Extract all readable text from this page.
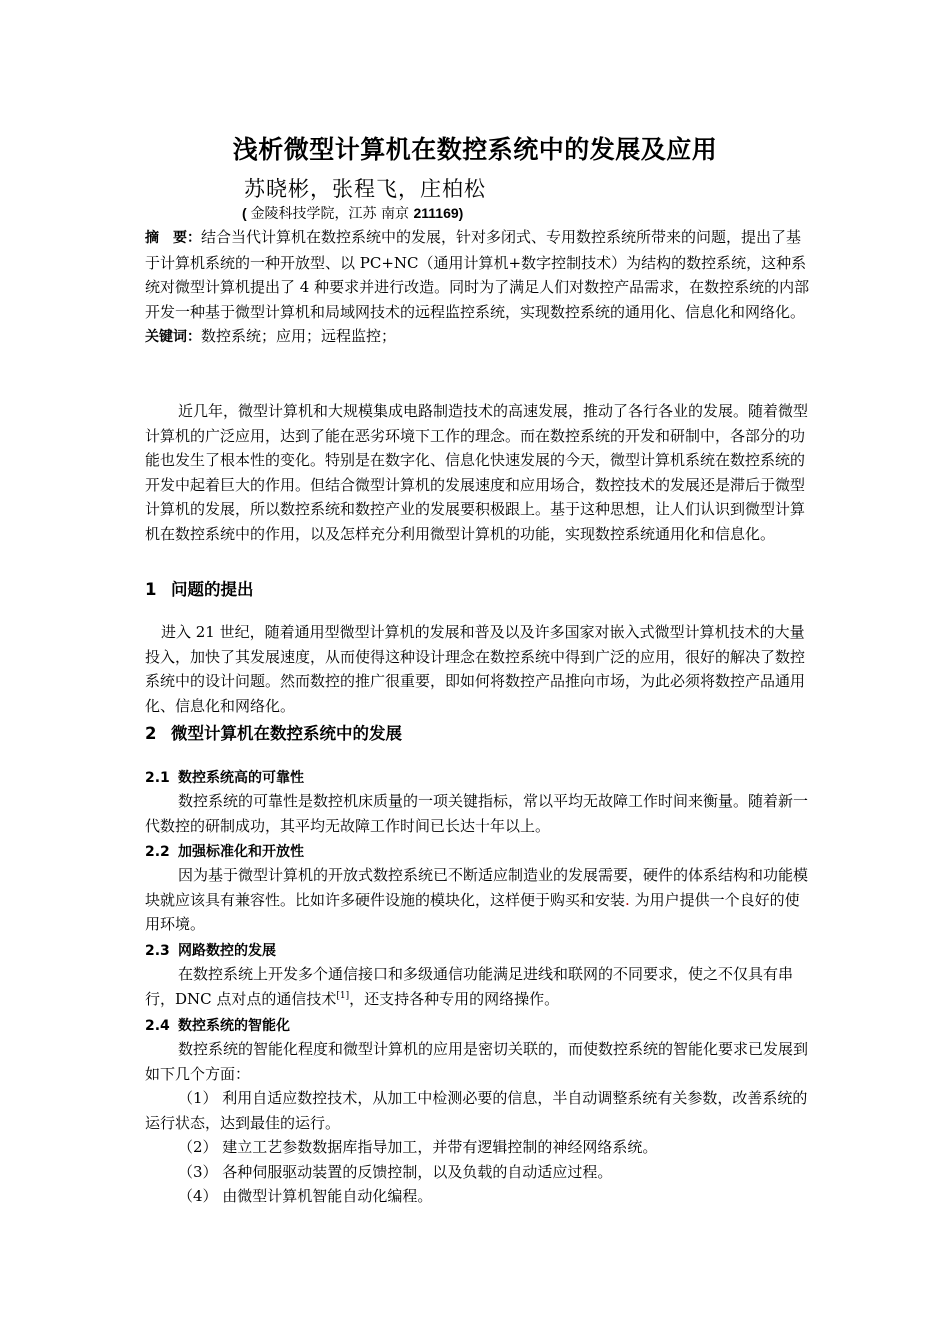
浅析微型计算机在数控系统中的发展及应用
苏晓彬，张程飞，庄柏松
( 金陵科技学院，江苏 南京 211169)

摘　要：结合当代计算机在数控系统中的发展，针对多闭式、专用数控系统所带来的问题，提出了基于计算机系统的一种开放型、以 PC+NC（通用计算机+数字控制技术）为结构的数控系统，这种系统对微型计算机提出了 4 种要求并进行改造。同时为了满足人们对数控产品需求，在数控系统的内部开发一种基于微型计算机和局域网技术的远程监控系统，实现数控系统的通用化、信息化和网络化。

关键词：数控系统；应用；远程监控；

近几年，微型计算机和大规模集成电路制造技术的高速发展，推动了各行各业的发展。随着微型计算机的广泛应用，达到了能在恶劣环境下工作的理念。而在数控系统的开发和研制中，各部分的功能也发生了根本性的变化。特别是在数字化、信息化快速发展的今天，微型计算机系统在数控系统的开发中起着巨大的作用。但结合微型计算机的发展速度和应用场合，数控技术的发展还是滞后于微型计算机的发展，所以数控系统和数控产业的发展要积极跟上。基于这种思想，让人们认识到微型计算机在数控系统中的作用，以及怎样充分利用微型计算机的功能，实现数控系统通用化和信息化。

1 问题的提出

进入 21 世纪，随着通用型微型计算机的发展和普及以及许多国家对嵌入式微型计算机技术的大量投入，加快了其发展速度，从而使得这种设计理念在数控系统中得到广泛的应用，很好的解决了数控系统中的设计问题。然而数控的推广很重要，即如何将数控产品推向市场，为此必须将数控产品通用化、信息化和网络化。

2 微型计算机在数控系统中的发展
2.1 数控系统高的可靠性

数控系统的可靠性是数控机床质量的一项关键指标，常以平均无故障工作时间来衡量。随着新一代数控的研制成功，其平均无故障工作时间已长达十年以上。

2.2 加强标准化和开放性

因为基于微型计算机的开放式数控系统已不断适应制造业的发展需要，硬件的体系结构和功能模块就应该具有兼容性。比如许多硬件设施的模块化，这样便于购买和安装. 为用户提供一个良好的使用环境。

2.3 网路数控的发展

在数控系统上开发多个通信接口和多级通信功能满足进线和联网的不同要求，使之不仅具有串行，DNC 点对点的通信技术[1]，还支持各种专用的网络操作。

2.4 数控系统的智能化

数控系统的智能化程度和微型计算机的应用是密切关联的，而使数控系统的智能化要求已发展到如下几个方面：

（1） 利用自适应数控技术，从加工中检测必要的信息，半自动调整系统有关参数，改善系统的运行状态，达到最佳的运行。

（2） 建立工艺参数数据库指导加工，并带有逻辑控制的神经网络系统。

（3） 各种伺服驱动装置的反馈控制，以及负载的自动适应过程。

（4） 由微型计算机智能自动化编程。
